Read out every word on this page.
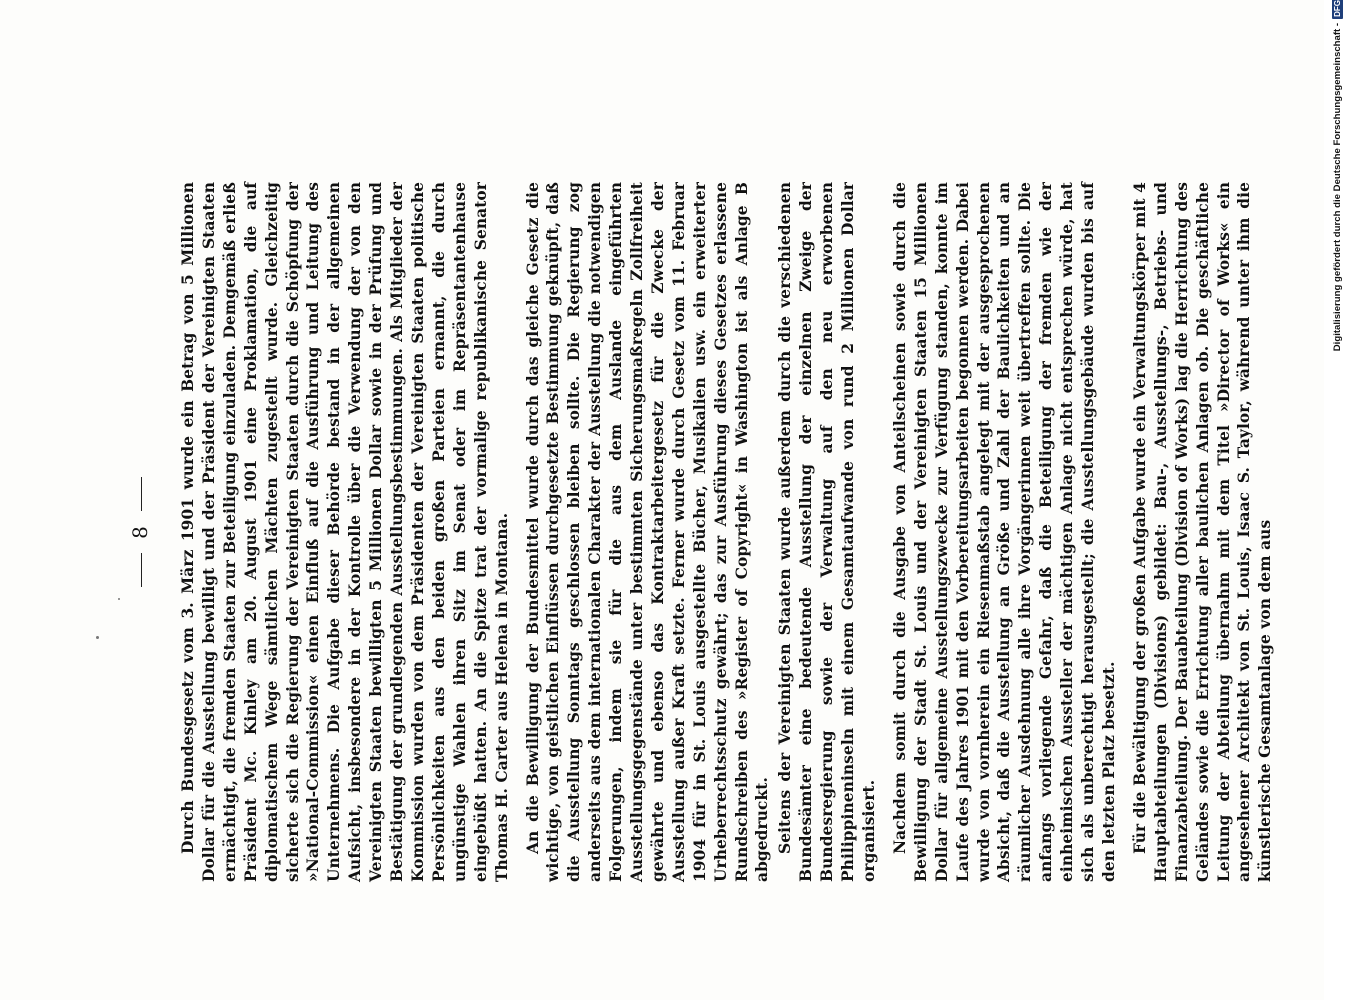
8 Durch Bundesgesetz vom 3. März 1901 wurde ein Betrag von 5 Millionen Dollar für die Ausstellung bewilligt und der Präsident der Vereinigten Staaten ermächtigt, die fremden Staaten zur Beteiligung einzuladen. Demgemäß erließ Präsident Mc. Kinley am 20. August 1901 eine Proklamation, die auf diplomatischem Wege sämtlichen Mächten zugestellt wurde. Gleichzeitig sicherte sich die Regierung der Vereinigten Staaten durch die Schöpfung der »National-Commission« einen Einfluß auf die Ausführung und Leitung des Unternehmens. Die Aufgabe dieser Behörde bestand in der allgemeinen Aufsicht, insbesondere in der Kontrolle über die Verwendung der von den Vereinigten Staaten bewilligten 5 Millionen Dollar sowie in der Prüfung und Bestätigung der grundlegenden Ausstellungsbestimmungen. Als Mitglieder der Kommission wurden von dem Präsidenten der Vereinigten Staaten politische Persönlichkeiten aus den beiden großen Parteien ernannt, die durch ungünstige Wahlen ihren Sitz im Senat oder im Repräsentantenhause eingebüßt hatten. An die Spitze trat der vormalige republikanische Senator Thomas H. Carter aus Helena in Montana. An die Bewilligung der Bundesmittel wurde durch das gleiche Gesetz die wichtige, von geistlichen Einflüssen durchgesetzte Bestimmung geknüpft, daß die Ausstellung Sonntags geschlossen bleiben sollte. Die Regierung zog anderseits aus dem internationalen Charakter der Ausstellung die notwendigen Folgerungen, indem sie für die aus dem Auslande eingeführten Ausstellungsgegenstände unter bestimmten Sicherungsmaßregeln Zollfreiheit gewährte und ebenso das Kontraktarbeitergesetz für die Zwecke der Ausstellung außer Kraft setzte. Ferner wurde durch Gesetz vom 11. Februar 1904 für in St. Louis ausgestellte Bücher, Musikalien usw. ein erweiterter Urheberrechtsschutz gewährt; das zur Ausführung dieses Gesetzes erlassene Rundschreiben des »Register of Copyright« in Washington ist als Anlage B abgedruckt. Seitens der Vereinigten Staaten wurde außerdem durch die verschiedenen Bundesämter eine bedeutende Ausstellung der einzelnen Zweige der Bundesregierung sowie der Verwaltung auf den neu erworbenen Philippineninseln mit einem Gesamtaufwande von rund 2 Millionen Dollar organisiert. Nachdem somit durch die Ausgabe von Anteilscheinen sowie durch die Bewilligung der Stadt St. Louis und der Vereinigten Staaten 15 Millionen Dollar für allgemeine Ausstellungszwecke zur Verfügung standen, konnte im Laufe des Jahres 1901 mit den Vorbereitungsarbeiten begonnen werden. Dabei wurde von vornherein ein Riesenmaßstab angelegt mit der ausgesprochenen Absicht, daß die Ausstellung an Größe und Zahl der Baulichkeiten und an räumlicher Ausdehnung alle ihre Vorgängerinnen weit übertreffen sollte. Die anfangs vorliegende Gefahr, daß die Beteiligung der fremden wie der einheimischen Aussteller der mächtigen Anlage nicht entsprechen würde, hat sich als unberechtigt herausgestellt; die Ausstellungsgebäude wurden bis auf den letzten Platz besetzt. Für die Bewältigung der großen Aufgabe wurde ein Verwaltungskörper mit 4 Hauptabteilungen (Divisions) gebildet: Bau-, Ausstellungs-, Betriebs- und Finanzabteilung. Der Bauabteilung (Division of Works) lag die Herrichtung des Geländes sowie die Errichtung aller baulichen Anlagen ob. Die geschäftliche Leitung der Abteilung übernahm mit dem Titel »Director of Works« ein angesehener Architekt von St. Louis, Isaac S. Taylor, während unter ihm die künstlerische Gesamtanlage von dem aus

Digitalisierung gefördert durch die Deutsche Forschungsgemeinschaft -
DFG
